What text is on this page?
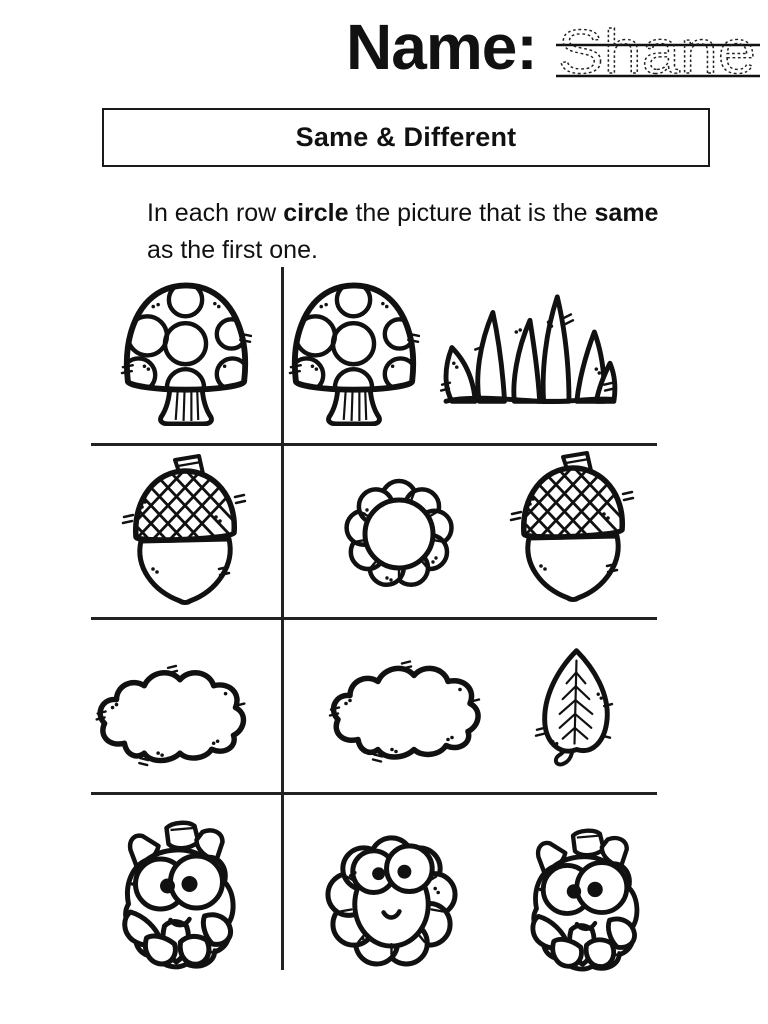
Name: Shane
Same & Different
In each row circle the picture that is the same
as the first one.
